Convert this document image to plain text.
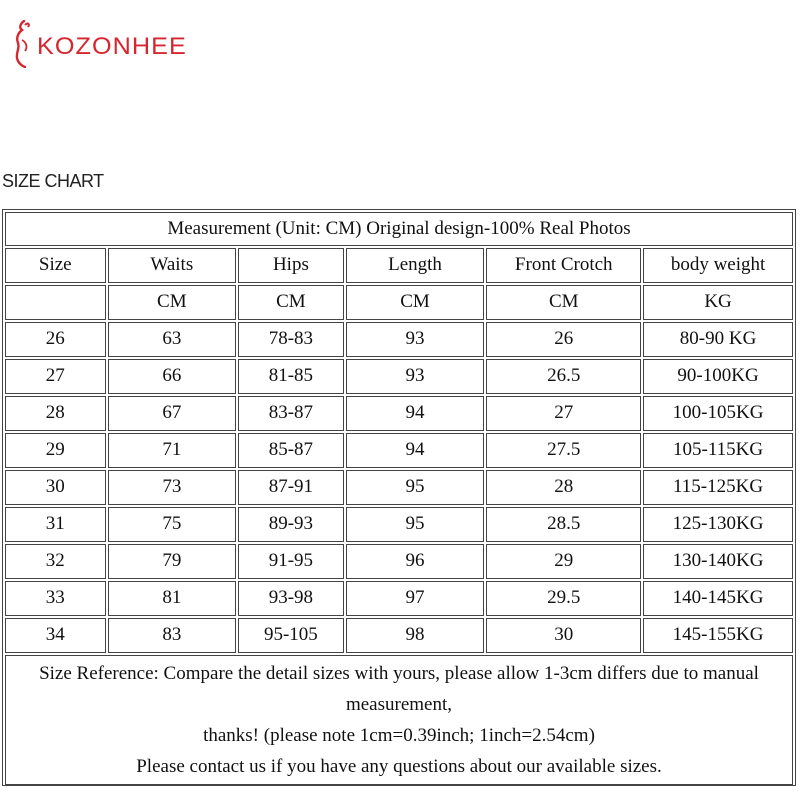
KOZONHEE
SIZE CHART
Measurement (Unit: CM) Original design-100% Real Photos					
Size	Waits	Hips	Length	Front Crotch	body weight
	CM	CM	CM	CM	KG
26	63	78-83	93	26	80-90 KG
27	66	81-85	93	26.5	90-100KG
28	67	83-87	94	27	100-105KG
29	71	85-87	94	27.5	105-115KG
30	73	87-91	95	28	115-125KG
31	75	89-93	95	28.5	125-130KG
32	79	91-95	96	29	130-140KG
33	81	93-98	97	29.5	140-145KG
34	83	95-105	98	30	145-155KG

Size Reference: Compare the detail sizes with yours, please allow 1-3cm differs due to manual measurement,
thanks! (please note 1cm=0.39inch; 1inch=2.54cm)
Please contact us if you have any questions about our available sizes.					
